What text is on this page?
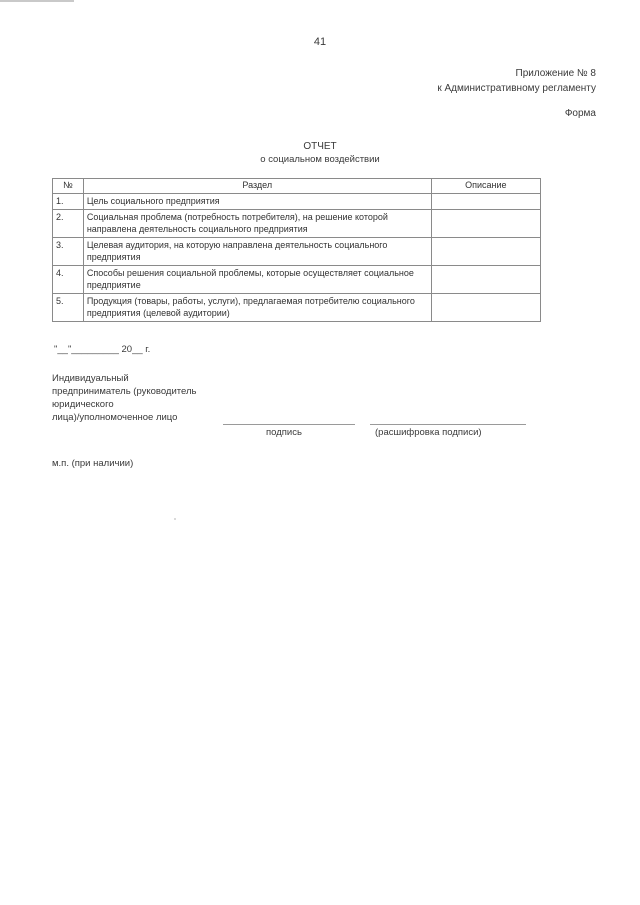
41
Приложение № 8
к Административному регламенту
Форма
ОТЧЕТ
о социальном воздействии
№	Раздел	Описание
1.	Цель социального предприятия	
2.	Социальная проблема (потребность потребителя), на решение которой направлена деятельность социального предприятия	
3.	Целевая аудитория, на которую направлена деятельность социального предприятия	
4.	Способы решения социальной проблемы, которые осуществляет социальное предприятие	
5.	Продукция (товары, работы, услуги), предлагаемая потребителю социального предприятия (целевой аудитории)	
"__"_________ 20__ г.
Индивидуальный
предприниматель (руководитель
юридического
лица)/уполномоченное лицо
подпись	(расшифровка подписи)
м.п. (при наличии)
